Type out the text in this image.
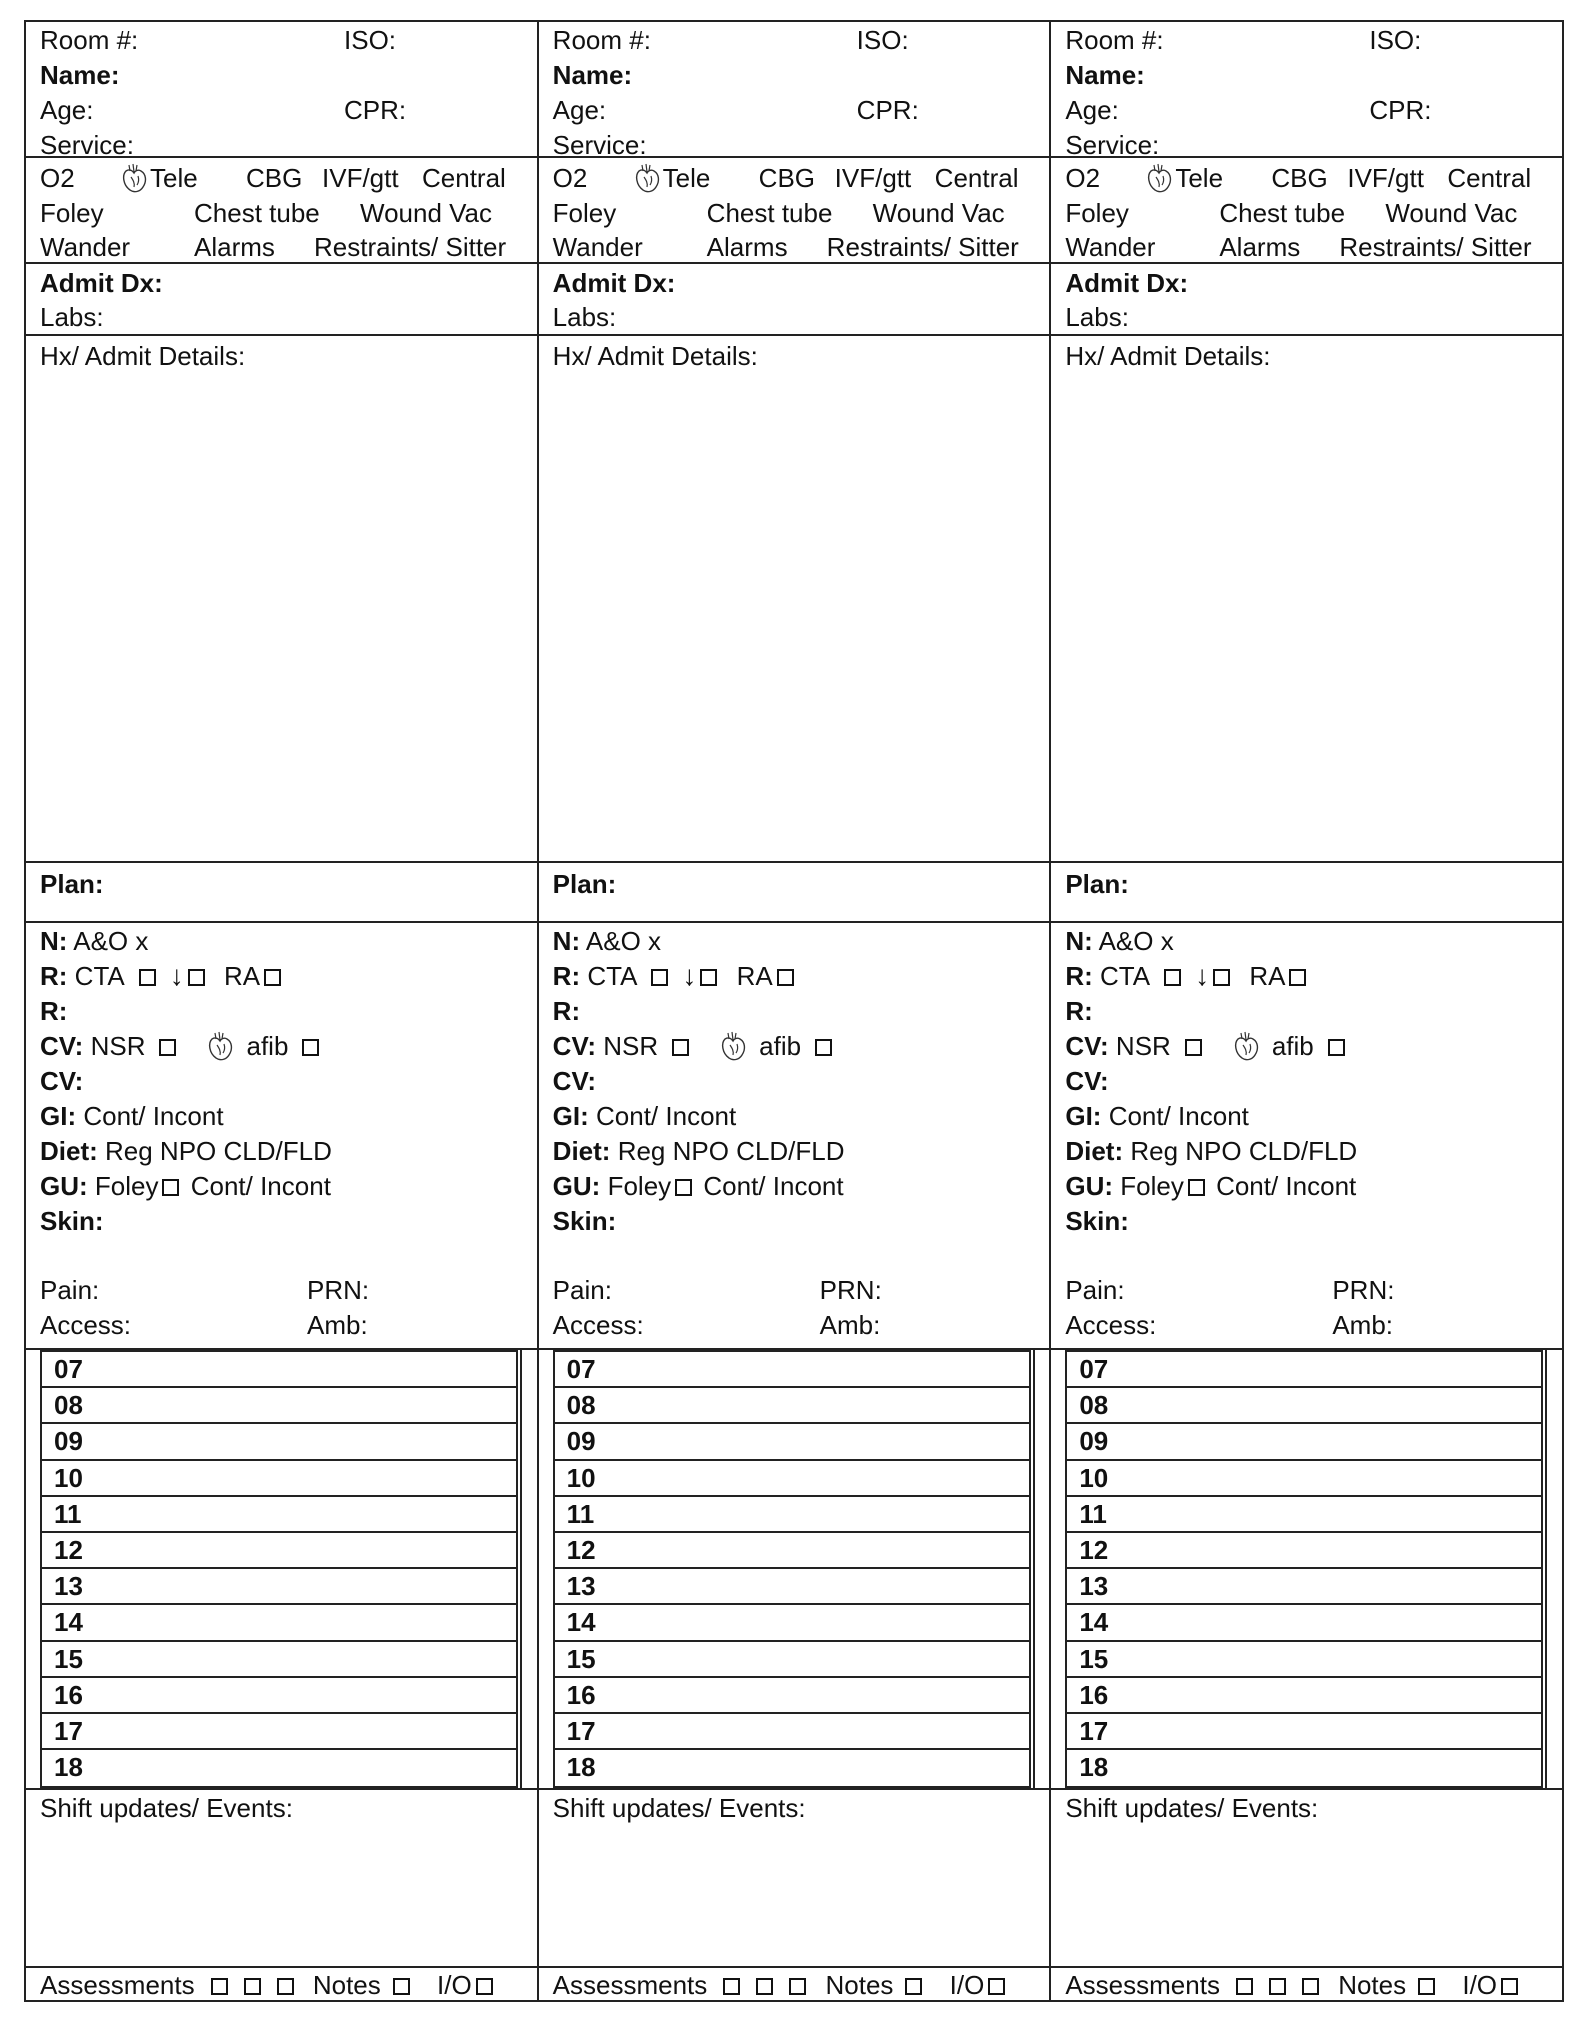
Room #:	ISO:
Name:
Age:	CPR:
Service:
O2	Tele CBG IVF/gtt Central
Foley	Chest tube Wound Vac
Wander Alarms Restraints/ Sitter
Admit Dx:
Labs:
Hx/ Admit Details:
Plan:
N: A&O x
R: CTA ↓ RA
R:
CV: NSR	afib
CV:
GI: Cont/ Incont
Diet: Reg NPO CLD/FLD
GU: Foley Cont/ Incont
Skin:
Pain:	PRN:
Access:	Amb:
07
08
09
10
11
12
13
14
15
16
17
18
Shift updates/ Events:
Assessments	Notes I/O
Room #:	ISO:
Name:
Age:	CPR:
Service:
O2	Tele CBG IVF/gtt Central
Foley	Chest tube Wound Vac
Wander Alarms Restraints/ Sitter
Admit Dx:
Labs:
Hx/ Admit Details:
Plan:
N: A&O x
R: CTA ↓ RA
R:
CV: NSR	afib
CV:
GI: Cont/ Incont
Diet: Reg NPO CLD/FLD
GU: Foley Cont/ Incont
Skin:
Pain:	PRN:
Access:	Amb:
07
08
09
10
11
12
13
14
15
16
17
18
Shift updates/ Events:
Assessments	Notes I/O
Room #:	ISO:
Name:
Age:	CPR:
Service:
O2	Tele CBG IVF/gtt Central
Foley	Chest tube Wound Vac
Wander Alarms Restraints/ Sitter
Admit Dx:
Labs:
Hx/ Admit Details:
Plan:
N: A&O x
R: CTA ↓ RA
R:
CV: NSR	afib
CV:
GI: Cont/ Incont
Diet: Reg NPO CLD/FLD
GU: Foley Cont/ Incont
Skin:
Pain:	PRN:
Access:	Amb:
07
08
09
10
11
12
13
14
15
16
17
18
Shift updates/ Events:
Assessments	Notes I/O
